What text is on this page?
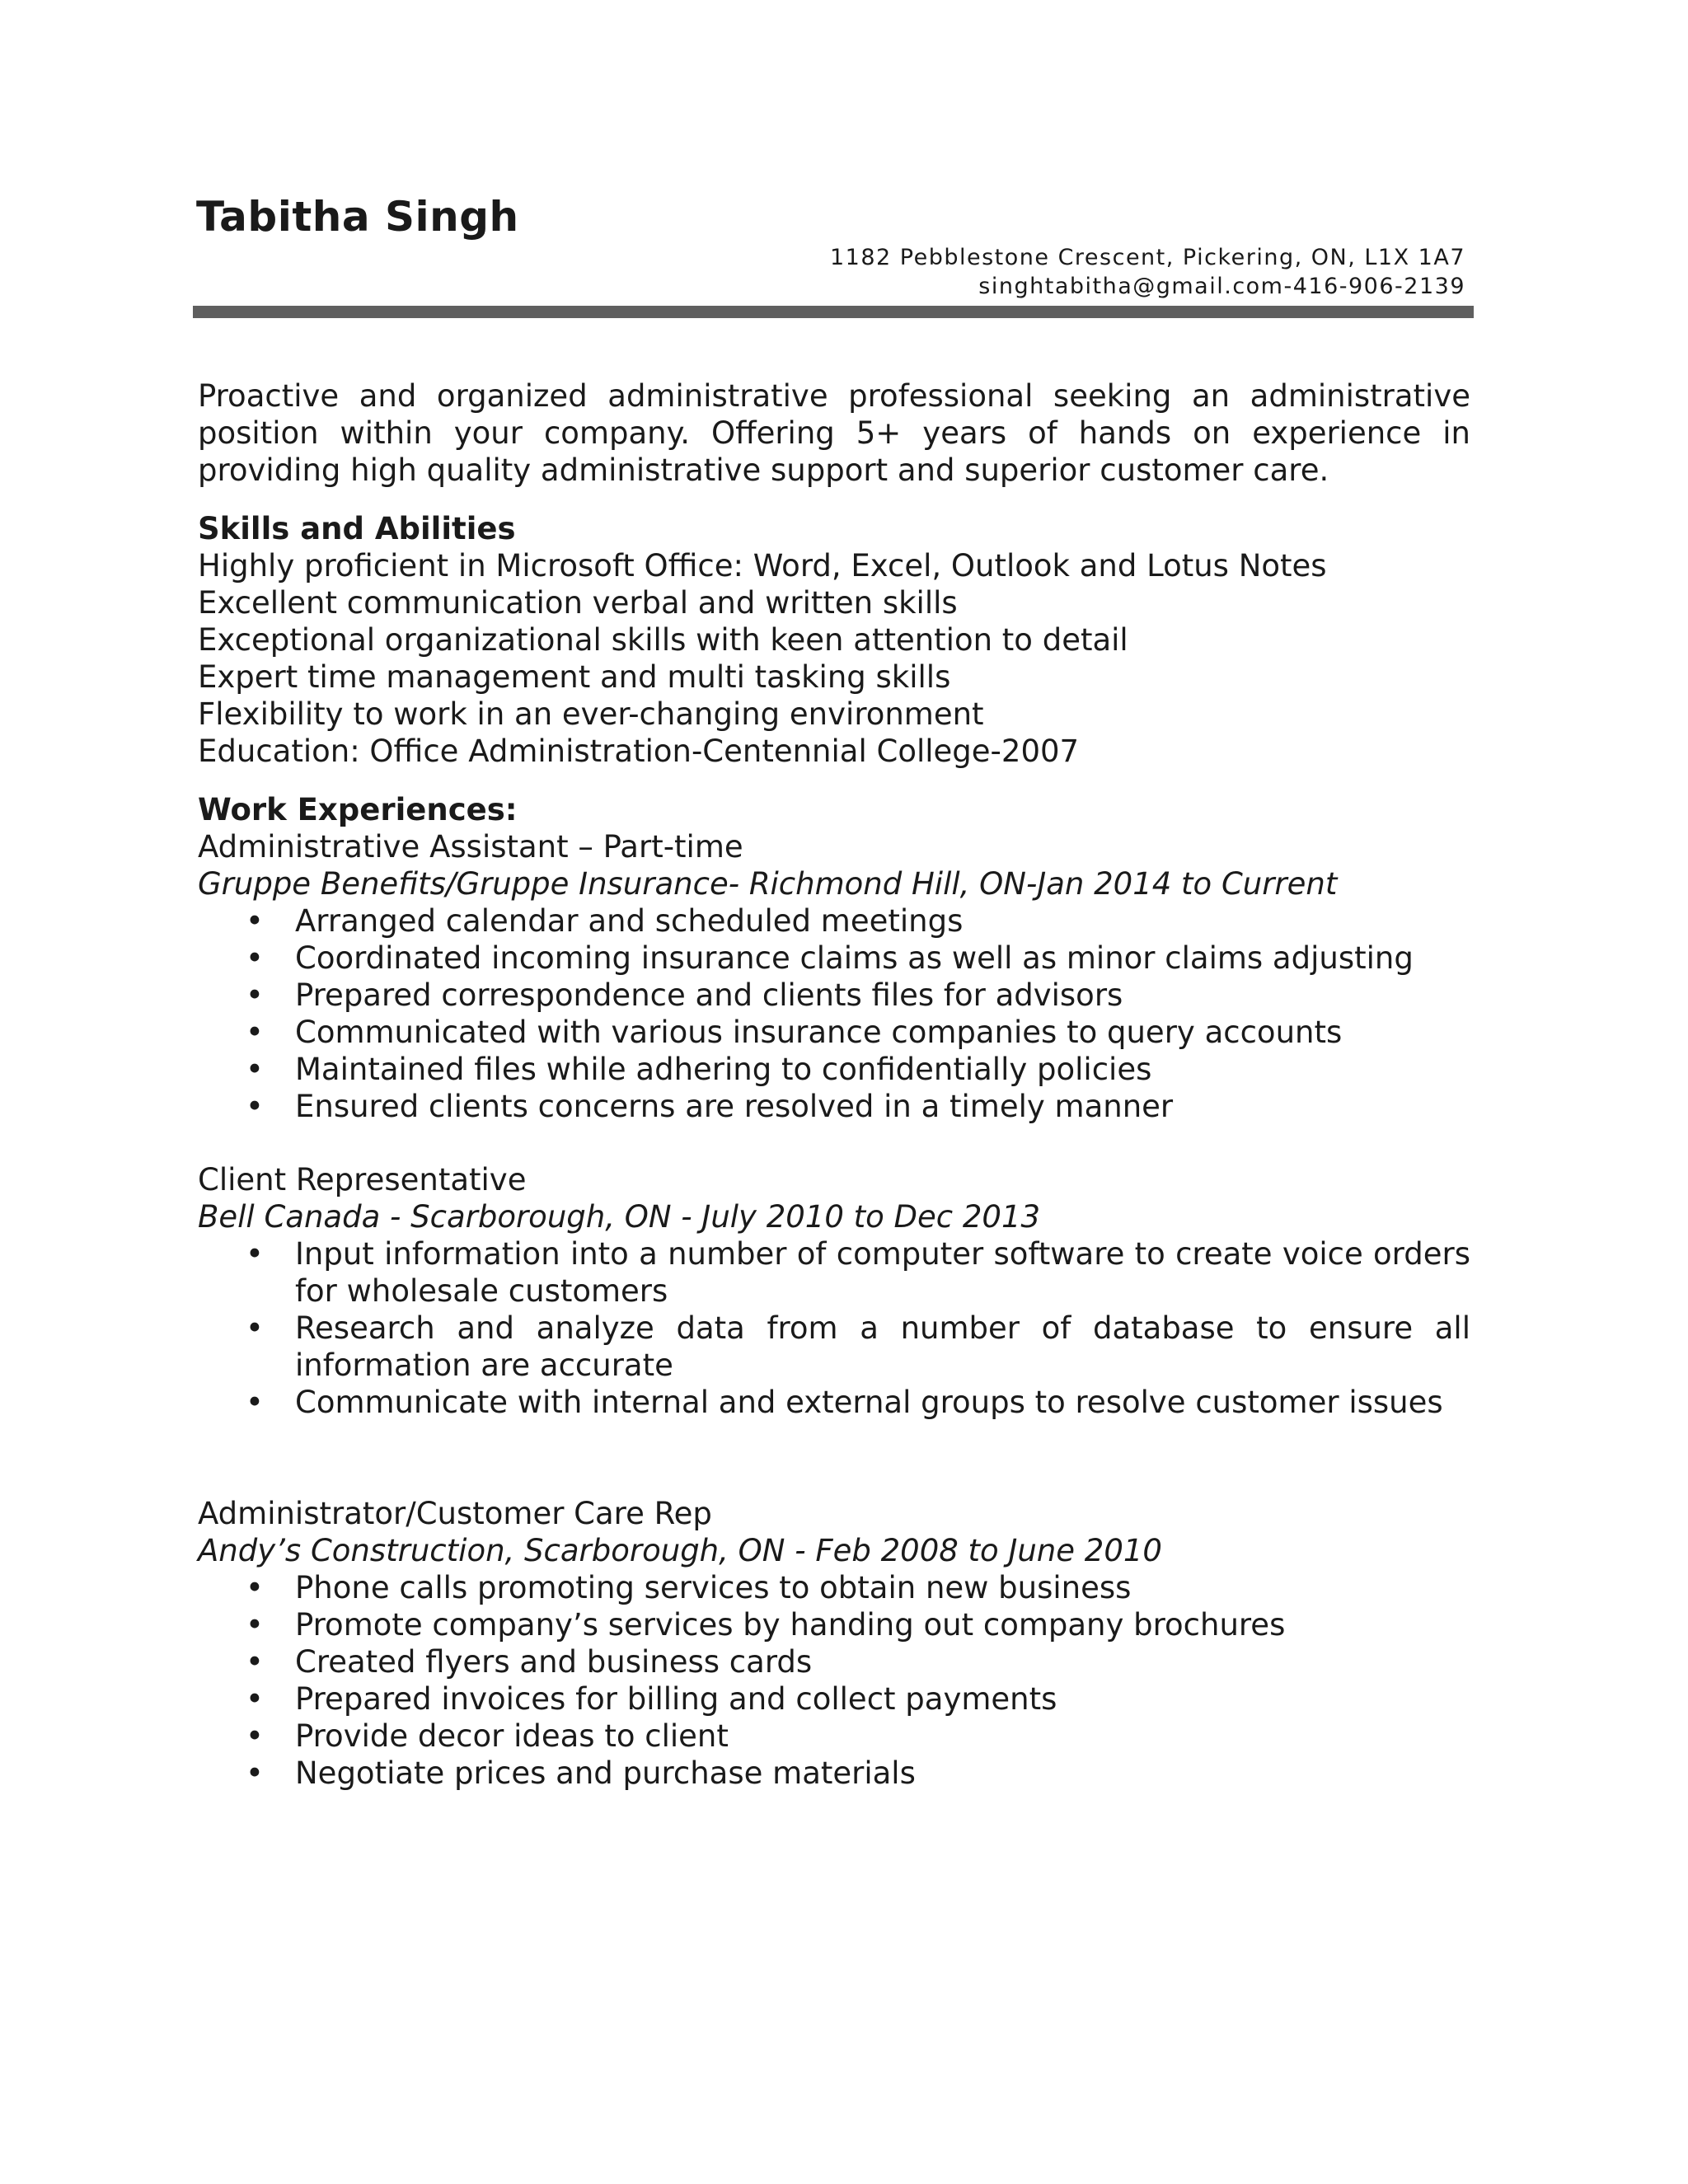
Tabitha Singh
1182 Pebblestone Crescent, Pickering, ON, L1X 1A7
singhtabitha@gmail.com-416-906-2139

Proactive and organized administrative professional seeking an administrative position within your company. Offering 5+ years of hands on experience in providing high quality administrative support and superior customer care.

Skills and Abilities

Highly proficient in Microsoft Office: Word, Excel, Outlook and Lotus Notes

Excellent communication verbal and written skills

Exceptional organizational skills with keen attention to detail

Expert time management and multi tasking skills

Flexibility to work in an ever-changing environment

Education: Office Administration-Centennial College-2007

Work Experiences:

Administrative Assistant – Part-time

Gruppe Benefits/Gruppe Insurance- Richmond Hill, ON-Jan 2014 to Current

• Arranged calendar and scheduled meetings
• Coordinated incoming insurance claims as well as minor claims adjusting
• Prepared correspondence and clients files for advisors
• Communicated with various insurance companies to query accounts
• Maintained files while adhering to confidentially policies
• Ensured clients concerns are resolved in a timely manner

Client Representative

Bell Canada - Scarborough, ON - July 2010 to Dec 2013

• Input information into a number of computer software to create voice orders for wholesale customers
• Research and analyze data from a number of database to ensure all information are accurate
• Communicate with internal and external groups to resolve customer issues

Administrator/Customer Care Rep

Andy’s Construction, Scarborough, ON - Feb 2008 to June 2010

• Phone calls promoting services to obtain new business
• Promote company’s services by handing out company brochures
• Created flyers and business cards
• Prepared invoices for billing and collect payments
• Provide decor ideas to client
• Negotiate prices and purchase materials
